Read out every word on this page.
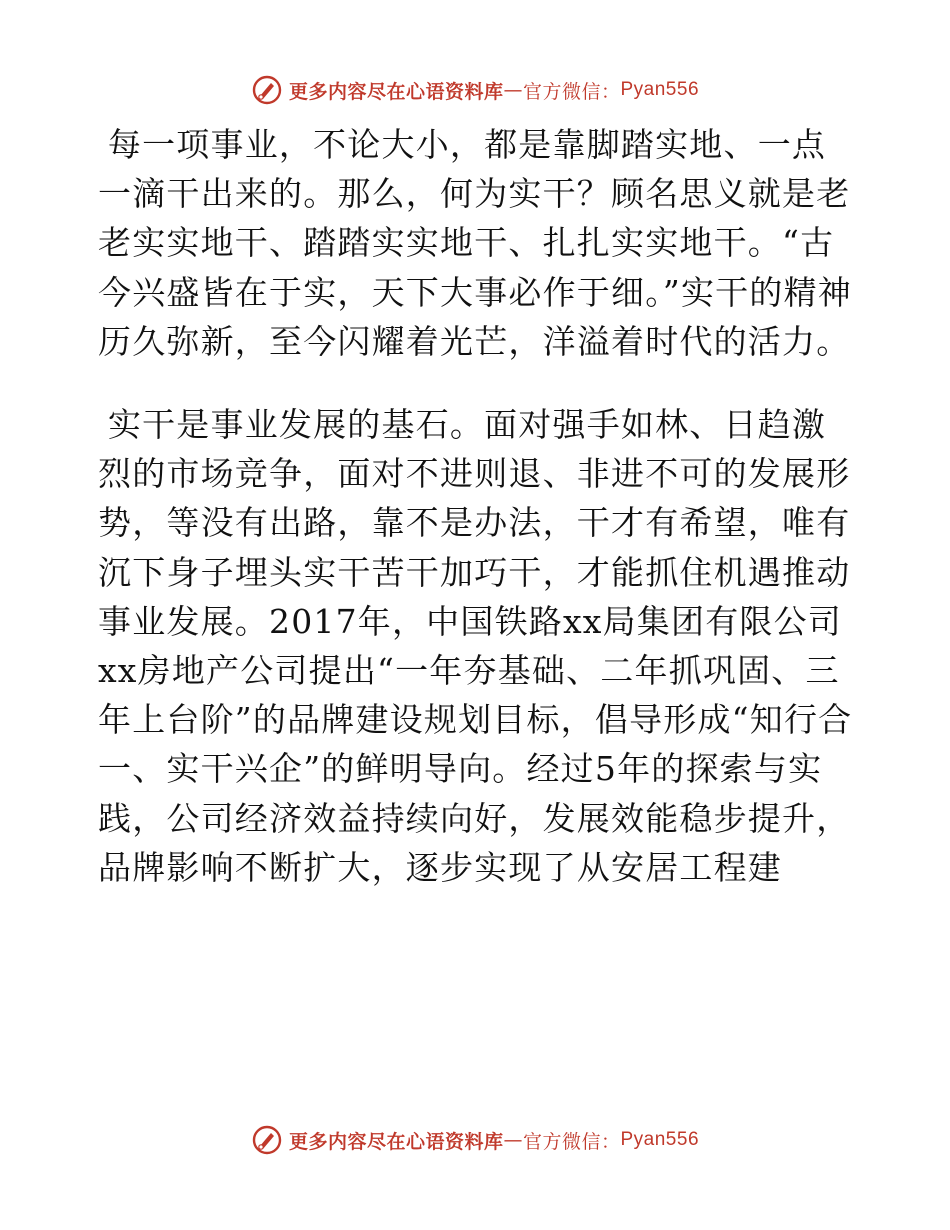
更多内容尽在心语资料库 — 官方微信： Pyan556

每一项事业，不论大小，都是靠脚踏实地、一点一滴干出来的。那么，何为实干？顾名思义就是老老实实地干、踏踏实实地干、扎扎实实地干。“古今兴盛皆在于实，天下大事必作于细。”实干的精神历久弥新，至今闪耀着光芒，洋溢着时代的活力。

实干是事业发展的基石。面对强手如林、日趋激烈的市场竞争，面对不进则退、非进不可的发展形势，等没有出路，靠不是办法，干才有希望，唯有沉下身子埋头实干苦干加巧干，才能抓住机遇推动事业发展。2017年，中国铁路xx局集团有限公司xx房地产公司提出“一年夯基础、二年抓巩固、三年上台阶”的品牌建设规划目标，倡导形成“知行合一、实干兴企”的鲜明导向。经过5年的探索与实践，公司经济效益持续向好，发展效能稳步提升，品牌影响不断扩大，逐步实现了从安居工程建

更多内容尽在心语资料库 — 官方微信： Pyan556
